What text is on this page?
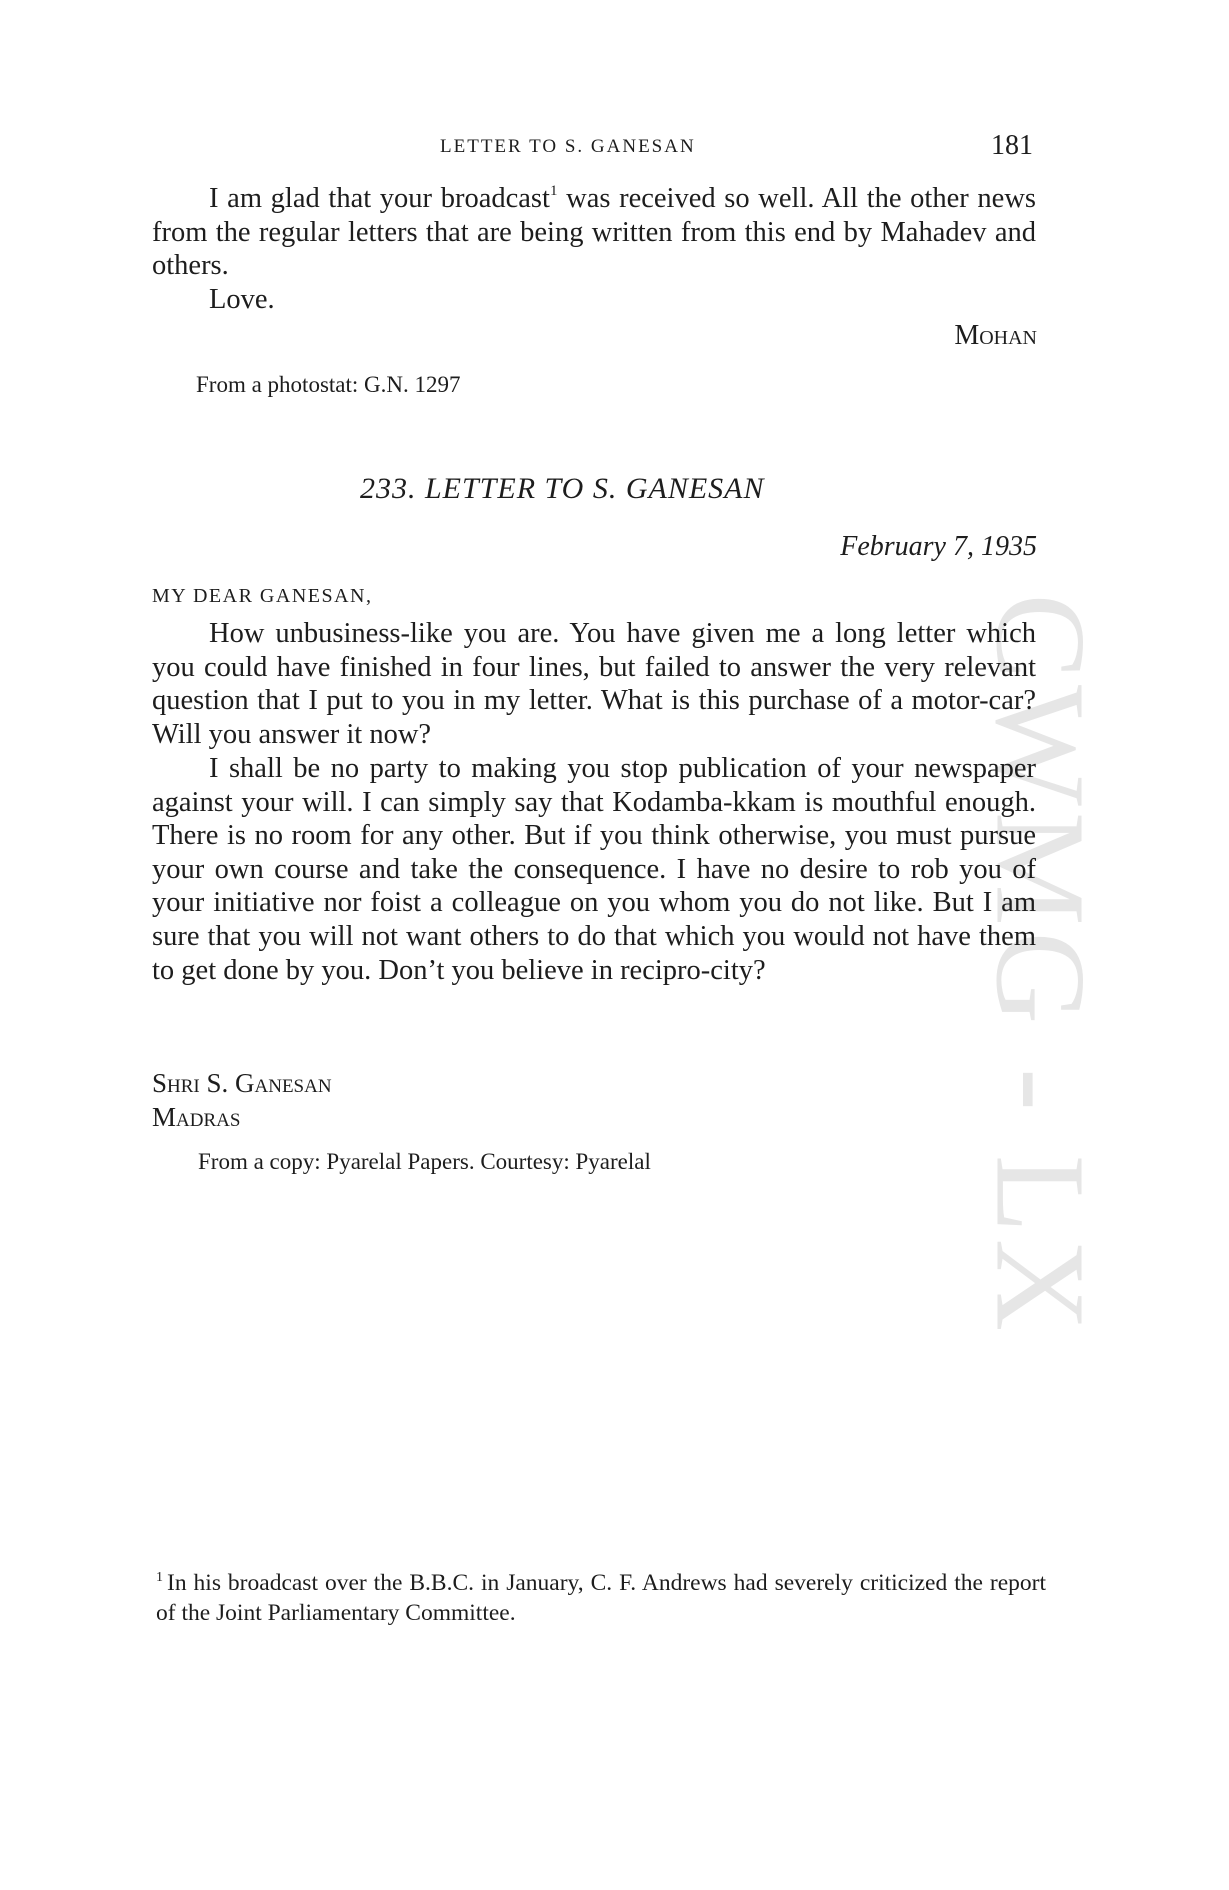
CWMG - LX
LETTER TO S. GANESAN	181

I am glad that your broadcast$^1$ was received so well. All the other news from the regular letters that are being written from this end by Mahadev and others.

Love.

Mohan

From a photostat: G.N. 1297

233. LETTER TO S. GANESAN
February 7, 1935
MY DEAR GANESAN,

How unbusiness-like you are. You have given me a long letter which you could have finished in four lines, but failed to answer the very relevant question that I put to you in my letter. What is this purchase of a motor-car? Will you answer it now?

I shall be no party to making you stop publication of your newspaper against your will. I can simply say that Kodamba-kkam is mouthful enough. There is no room for any other. But if you think otherwise, you must pursue your own course and take the consequence. I have no desire to rob you of your initiative nor foist a colleague on you whom you do not like. But I am sure that you will not want others to do that which you would not have them to get done by you. Don’t you believe in recipro-city?

Shri S. Ganesan
Madras

From a copy: Pyarelal Papers. Courtesy: Pyarelal

$^1$ In his broadcast over the B.B.C. in January, C. F. Andrews had severely criticized the report of the Joint Parliamentary Committee.
